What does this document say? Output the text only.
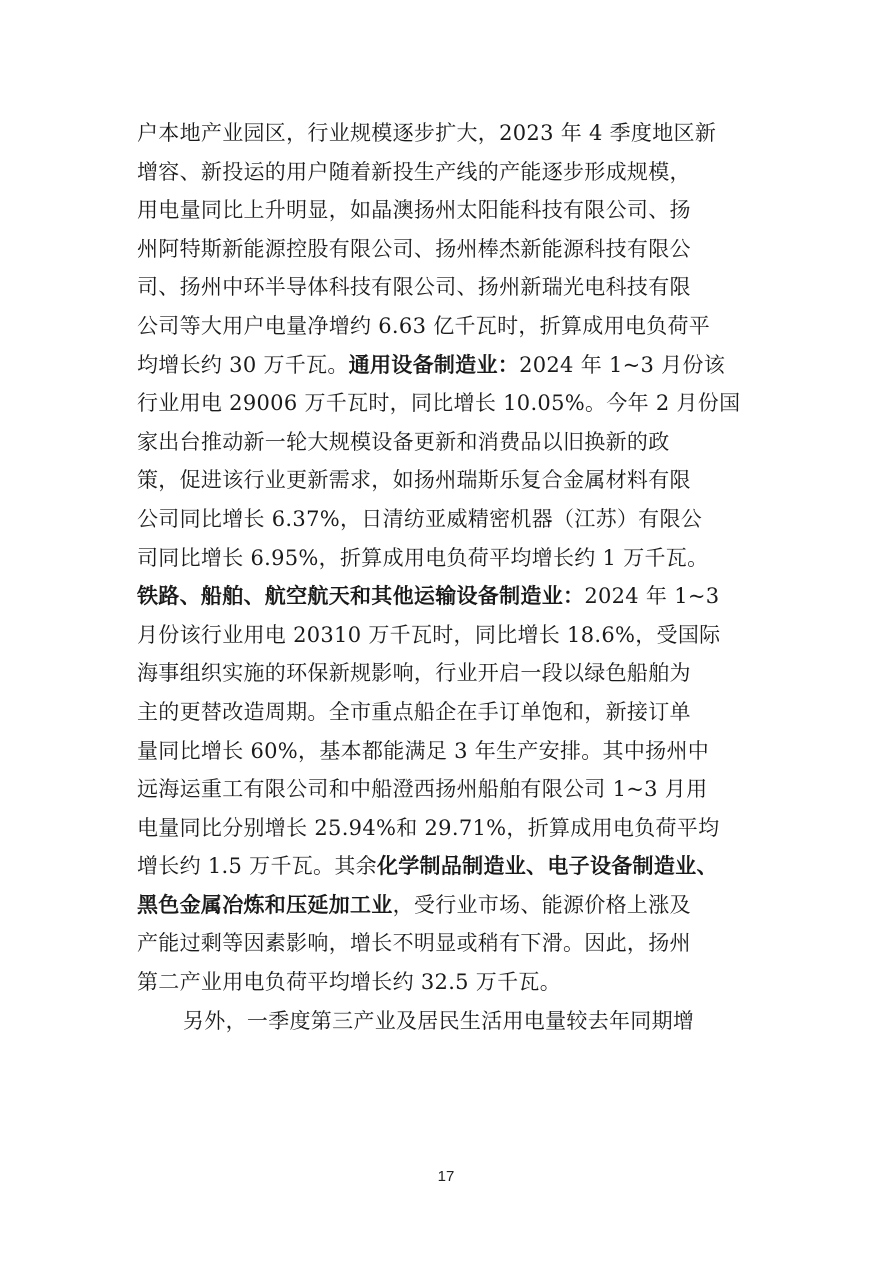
户本地产业园区，行业规模逐步扩大，2023 年 4 季度地区新
增容、新投运的用户随着新投生产线的产能逐步形成规模，
用电量同比上升明显，如晶澳扬州太阳能科技有限公司、扬
州阿特斯新能源控股有限公司、扬州棒杰新能源科技有限公
司、扬州中环半导体科技有限公司、扬州新瑞光电科技有限
公司等大用户电量净增约 6.63 亿千瓦时，折算成用电负荷平
均增长约 30 万千瓦。通用设备制造业：2024 年 1~3 月份该
行业用电 29006 万千瓦时，同比增长 10.05%。今年 2 月份国
家出台推动新一轮大规模设备更新和消费品以旧换新的政
策，促进该行业更新需求，如扬州瑞斯乐复合金属材料有限
公司同比增长 6.37%，日清纺亚威精密机器（江苏）有限公
司同比增长 6.95%，折算成用电负荷平均增长约 1 万千瓦。
铁路、船舶、航空航天和其他运输设备制造业：2024 年 1~3
月份该行业用电 20310 万千瓦时，同比增长 18.6%，受国际
海事组织实施的环保新规影响，行业开启一段以绿色船舶为
主的更替改造周期。全市重点船企在手订单饱和，新接订单
量同比增长 60%，基本都能满足 3 年生产安排。其中扬州中
远海运重工有限公司和中船澄西扬州船舶有限公司 1~3 月用
电量同比分别增长 25.94%和 29.71%，折算成用电负荷平均
增长约 1.5 万千瓦。其余化学制品制造业、电子设备制造业、
黑色金属冶炼和压延加工业，受行业市场、能源价格上涨及
产能过剩等因素影响，增长不明显或稍有下滑。因此，扬州
第二产业用电负荷平均增长约 32.5 万千瓦。
另外，一季度第三产业及居民生活用电量较去年同期增
17
